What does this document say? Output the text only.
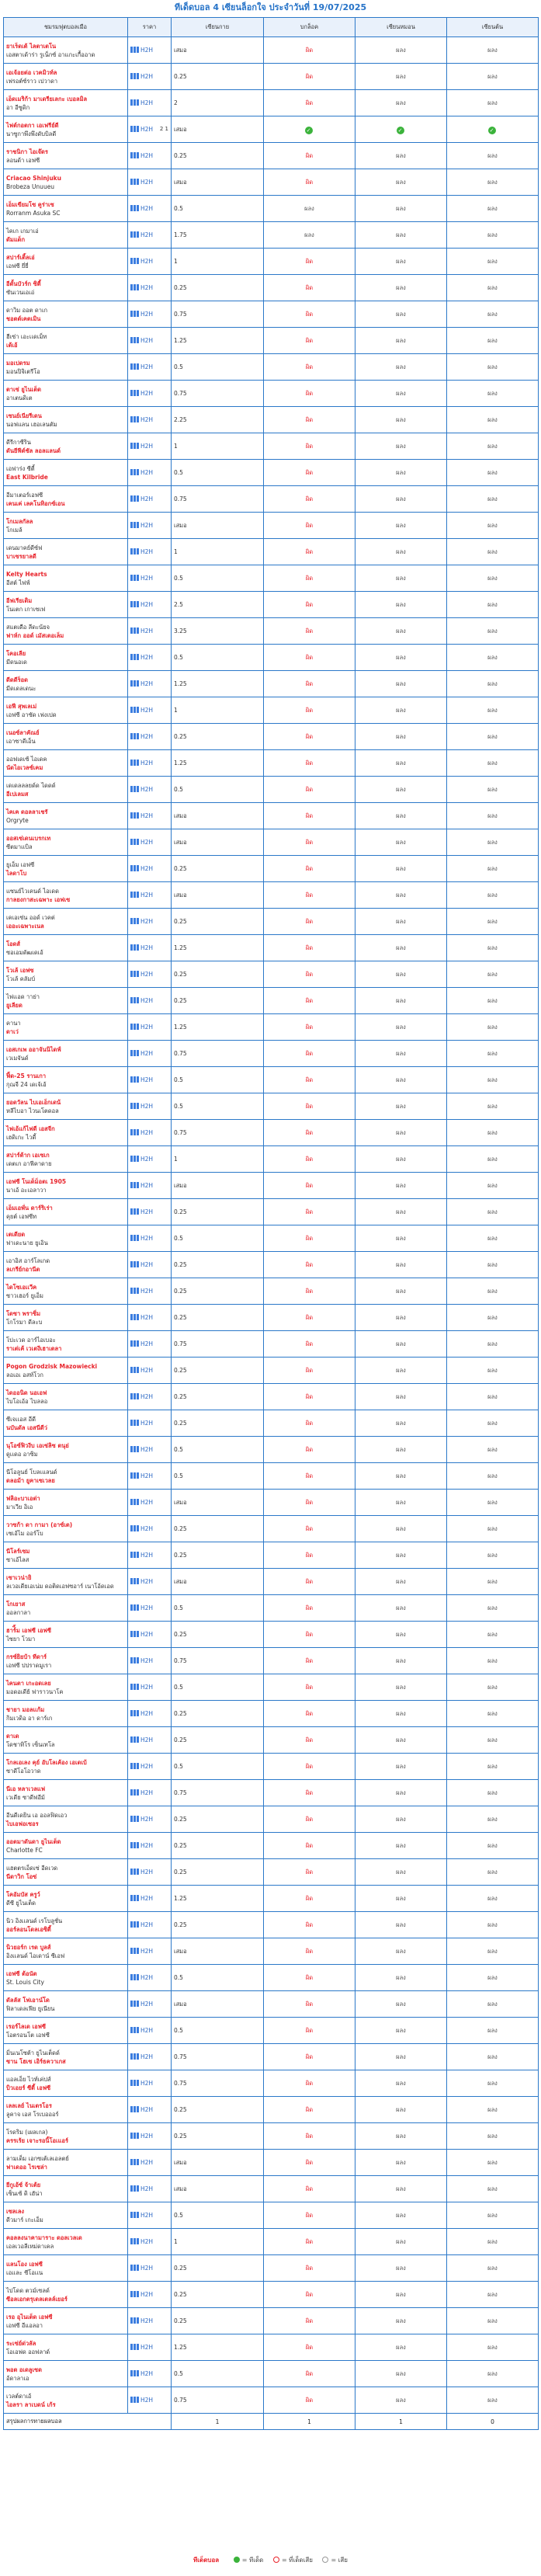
ทีเด็ดบอล 4 เซียนล็อกใจ ประจำวันที่ 19/07/2025
ชมรมฟุตบอลเมือ	ราคา	เซียนกาย	บกล็อค	เซียนหมอน	เซียนต้น	

ยาเร็ดเต้ ไลตาเตโน
เอสตาเด้าร่า รูเน็กซ์ อาเเกะเกื้ออาด	H2H	เสมอ	ผิด	ผลง	ผลง	

เอเจ้อยต่อ เวคมิวท์ล
เฟรอต์ซ์ราว เปวาดา	H2H	0.25	ผิด	ผลง	ผลง	

เอ็ดเมริก้า มาเดรียเลกะ เบอลมิล
อา อีซูดิก	H2H	2	ผิด	ผลง	ผลง	

ไฟต์กอตกา เอเฟรีย์ดี
นาซูกาพึงพึงดับบิลดี	H2H 2 1	เสมอ	✓	✓	✓	

ราชนิกา ไอเจ๊ดร
ลอนด้า เอฟซี	H2H	0.25	ผิด	ผลง	ผลง	

Criacao Shinjuku
Brobeza Unuueu	H2H	เสมอ	ผิด	ผลง	ผลง	

เอ็มเขียมโซ คูร่าเซ
Rorranm Asuka SC	H2H	0.5	ผลง	ผลง	ผลง	

ไคเก เกมาเอ่
ดัมแด็ก	H2H	1.75	ผลง	ผลง	ผลง	

สปาร์เติ้ลเอ่
เอฟซี ยี่ยี่	H2H	1	ผิด	ผลง	ผลง	

อีตั้นบัวร์ก ซิตี้
ซันเวนเอเอ่	H2H	0.25	ผิด	ผลง	ผลง	

ดาวิม ออต ดาเก
ชอตต์เคตเมิน	H2H	0.75	ผิด	ผลง	ผลง	

ฮีเซ่า เอะเเดเม็ท
เด้เอ้	H2H	1.25	ผิด	ผลง	ผลง	

มอเปดรม
มอนปิจิเตรีโอ	H2H	0.5	ผิด	ผลง	ผลง	

ตาเซ่ ยูไนเต็ด
อาเตนดิเต	H2H	0.75	ผิด	ผลง	ผลง	

เซนย์เนียรีเดน
นอฟแลน เฮอเลนตัม	H2H	2.25	ผิด	ผลง	ผลง	

ดีรีกาซีริน
ดันยีฟีต์ชัล ลอลแลนด์	H2H	1	ผิด	ผลง	ผลง	

เอฟาร่ง ซีตี้
East Kilbride	H2H	0.5	ผิด	ผลง	ผลง	

อีมาเตอร์เอฟซี
เคนเค่ เลคโนทิอกซ์เอน	H2H	0.75	ผิด	ผลง	ผลง	

โกเมลกัลล
โกเมล้	H2H	เสมอ	ผิด	ผลง	ผลง	

เดนมาคย์ดีซ์ฟ
บาเซรยาลดี	H2H	1	ผิด	ผลง	ผลง	

Kelty Hearts
อีสต์ ไฟฟ์	H2H	0.5	ผิด	ผลง	ผลง	

อีฟเรียเดิม
โนเตก เกาเซเฟ	H2H	2.5	ผิด	ผลง	ผลง	

สแตเดือ ลีดะน้ยจ
ฟาห์ก ออด์ เมัสเตอเล็ม	H2H	3.25	ผิด	ผลง	ผลง	

โคอเลีย
มีดนอเด	H2H	0.5	ผิด	ผลง	ผลง	

ดีดดีร็อด
มีดเดลเดนะ	H2H	1.25	ผิด	ผลง	ผลง	

เอฟี สุพเลเม่
เอฟซี อาซัด เฟงเปด	H2H	1	ผิด	ผลง	ผลง	

เนอซ์ลาคัณย์
เอาซาดีเอ็น	H2H	0.25	ผิด	ผลง	ผลง	

ออฟเดเซ้ ไอเดค
นัดไอเวลซ์เคม	H2H	1.25	ผิด	ผลง	ผลง	

เดเดลลลยด์ด ไดดด์
อีเปเลมส	H2H	0.5	ผิด	ผลง	ผลง	

ไคเค ดอลลาเชรั
Orgryte	H2H	เสมอ	ผิด	ผลง	ผลง	

ออสเซ่เดนเบรกเท
ซีตมาเเบิล	H2H	เสมอ	ผิด	ผลง	ผลง	

ยูเอ็ม เอฟซี
ไลดาโบ	H2H	0.25	ผิด	ผลง	ผลง	

แซนย์ไวเคนด์ ไอเดด
กาลยงกาสะเฉพาะ เอฟเซ	H2H	เสมอ	ผิด	ผลง	ผลง	

เคเอเซ่น ออด์ เวคต่
เออะเฉพาะเนล	H2H	0.25	ผิด	ผลง	ผลง	

โอดส์
ซอเอมดัฒเดเอ้	H2H	1.25	ผิด	ผลง	ผลง	

โวเล้ เอฟซ
โวเล้ คลัมบ์	H2H	0.25	ผิด	ผลง	ผลง	

ไฟเเอด าาย่า
ยูเลียด	H2H	0.25	ผิด	ผลง	ผลง	

คานา
ดาเว่	H2H	1.25	ผิด	ผลง	ผลง	

เอสเกเพ ออาจันนิไดฟ์
เวเมจันด์	H2H	0.75	ผิด	ผลง	ผลง	

ฟิ้ด-25 รานเกา
กุณจี 24 เดเจ้เอ้	H2H	0.5	ผิด	ผลง	ผลง	

ยอดวัลน ไบเอเอ็กเดน้
หลีไบอา ไวนเโตดอล	H2H	0.5	ผิด	ผลง	ผลง	

ไฟเอ้แก้ไฟดี เอสจีก
เฮดิเกะ ไวดี้	H2H	0.75	ผิด	ผลง	ผลง	

สปาร์ต้าก เอเซเก
เดตเก อาฟีคาดาย	H2H	1	ผิด	ผลง	ผลง	

เอฟซี โนเด็ม็อตเ 1905
นาเอ้ อะเอลาวา	H2H	เสมอ	ผิด	ผลง	ผลง	

เอ็มเอพั่น ดาร์ริเร่า
คุยต์ เอฟซีท	H2H	0.25	ผิด	ผลง	ผลง	

เตเดียด
ฟาเดะนาย ยูเอิน	H2H	0.5	ผิด	ผลง	ผลง	

เอาอิส อาร์โลเกด
ลเกรีย์กอานีต	H2H	0.25	ผิด	ผลง	ผลง	

ไดโซเอเเวีค
ซาวเฮอร์ ยูเอ็ม	H2H	0.25	ผิด	ผลง	ผลง	

โดซา พราซิ่ม
โกโรมา ดีละบ	H2H	0.25	ผิด	ผลง	ผลง	

โปะเวด อาร์ไอเบอะ
ราเต่เค้ เวเตงีเฮาเตลา	H2H	0.75	ผิด	ผลง	ผลง	

Pogon Grodzisk Mazowiecki
ลอเอเ อสท์โวก	H2H	0.25	ผิด	ผลง	ผลง	

ไดออนิด นอเอฟ
ไบโอเอ้อ ไบลลอ	H2H	0.25	ผิด	ผลง	ผลง	

ซีเจเเอส อีดี
นบันดัล เอสนีดีว่	H2H	0.25	ผิด	ผลง	ผลง	

นุโอซ์ฟิวงีบ เอเซ่ลิซ ตนุย่
ดูเเดอ อาซิม	H2H	0.5	ผิด	ผลง	ผลง	

นีโอลูนย์ โบลเแลนด์
ดลอม้า ยูคาเซเวลย	H2H	0.5	ผิด	ผลง	ผลง	

ฟลิอะบาเอต่า
มาเวีย อิเอ	H2H	เสมอ	ผิด	ผลง	ผลง	

วาซก้า ดา กามา (อาซ์เต)
เซเอ้ไม ออร์โบ	H2H	0.25	ผิด	ผลง	ผลง	

นีโลร์เซม
ซาเอ้ไลส	H2H	0.25	ผิด	ผลง	ผลง	

เซาเวน่ายิ
ลเวอเดียเอเน่ม ดอติดเอฟซอาร์ เนาโอ้ดเอด	H2H	เสมอ	ผิด	ผลง	ผลง	

โกเยาส
ออลกาลา	H2H	0.5	ผิด	ผลง	ผลง	

ฮาร์ิ้ม เอฟซี เอฟซี
ไซยา โวมา	H2H	0.25	ผิด	ผลง	ผลง	

กรซ์ยิยบ้า ทีดาร์
เอฟซี ปปราดมูเรา	H2H	0.75	ผิด	ผลง	ผลง	

ไคนตา เกะอดเลย
มอดอเดีย้ ฟาราวนาโค	H2H	0.5	ผิด	ผลง	ผลง	

ชายา มอลเเก้ม
กิมเวดิอ อา ดาร์เก	H2H	0.25	ผิด	ผลง	ผลง	

ดาเด
โดชาทิโร เซ็นเทโล	H2H	0.25	ผิด	ผลง	ผลง	

โกลเอเลง คุย์ อับโลเค้อง เอเดเบ้
ซาดีโอโอวาด	H2H	0.5	ผิด	ผลง	ผลง	

นีเอ หลาเวลแฟ
เวเดีย ซาดีฟอีม้	H2H	0.75	ผิด	ผลง	ผลง	

อีนดีเดยิน เอ ออลฟิดเอว
ไบเอฟอเซอร	H2H	0.25	ผิด	ผลง	ผลง	

ออตมาดันดา ยูไนเต็ด
Charlotte FC	H2H	0.25	ผิด	ผลง	ผลง	

แฮตตรเอ็ดเซ่ อีดเวด
นีดาวิก โอซ่	H2H	0.25	ผิด	ผลง	ผลง	

โคอัมบัส ครูว์
ดีซี ยูไนเต็ด	H2H	1.25	ผิด	ผลง	ผลง	

นิว อิงเเลนด์ เรโบลูชั่น
ออร์ลอนโดลเอซิตี้	H2H	0.25	ผิด	ผลง	ผลง	

นิวยอร์ก เรด บูลส์
อิงเเลนด์ ไอเดาน์ ซีเอฟ	H2H	เสมอ	ผิด	ผลง	ผลง	

เอฟซี ต้อนัต
St. Louis City	H2H	0.5	ผิด	ผลง	ผลง	

ดัลลัส โฟเอาน์โด
ฟิลาเดลเฟีย ยูเนียน	H2H	เสมอ	ผิด	ผลง	ผลง	

เรอร์ไลเด เอฟซี
โอตรอนโต เอฟซี	H2H	0.5	ผิด	ผลง	ผลง	

มิ่นเนโซต้า ยูไนเต็ดด์
ซาน โฮเซ เอิร์ธควาเกส	H2H	0.75	ผิด	ผลง	ผลง	

แอลเอ็ย ไวท์เค่ปส์
บิวเอยร์ ซีตี้ เอฟซี	H2H	0.75	ผิด	ผลง	ผลง	

เลลเลย์ ไนเตรโอร
ลูคาจ เอส โรเบอออร์	H2H	0.25	ผิด	ผลง	ผลง	

โรดริม (เผลเกล)
ครรเร้ย เจาะรอนิ้โอเแอร์	H2H	0.25	ผิด	ผลง	ผลง	

ลามเด็ม เอกซเต้เลเอลตย์
ฟาเดออ ไรเซล่า	H2H	เสมอ	ผิด	ผลง	ผลง	

ยีกูเอ้ซ์ จ้าเต้ย
เซ็นเซ้ ดิ เฮัน่า	H2H	เสมอ	ผิด	ผลง	ผลง	

เซลเลง
ดีวมาร์ เกะเอ็ม	H2H	0.5	ผิด	ผลง	ผลง	

คอลลงนาคามาราะ ดอลเวลเด
เอลเวอลีเหม่ดาเคล	H2H	1	ผิด	ผลง	ผลง	

แลนโอง เอฟซี
เอเเละ ซีโอเเน	H2H	0.25	ผิด	ผลง	ผลง	

ไปโดด ตวม์เซลด์
ซีอลเอกตรุเดลเตลล์เยอร์	H2H	0.25	ผิด	ผลง	ผลง	

เรอ อุไนเต็ด เอฟซี
เอฟซี อีแอลอา	H2H	0.25	ผิด	ผลง	ผลง	

ระเซ่ย์ด่วลัล
โอเอฟด ออฟลาด์	H2H	1.25	ผิด	ผลง	ผลง	

พอต อเดลูเซด
อ้ดาลาเอ	H2H	0.5	ผิด	ผลง	ผลง	

เวลต์ดาเอ้
ไอลรา ลาเบดน์ เก้ร	H2H	0.75	ผิด	ผลง	ผลง	
สรุปผลการทายผลบอล		1	1	1	0	
ทีเด็ดบอล	= ทีเด็ด	= ที่เด็ดเสีย	= เสีย
